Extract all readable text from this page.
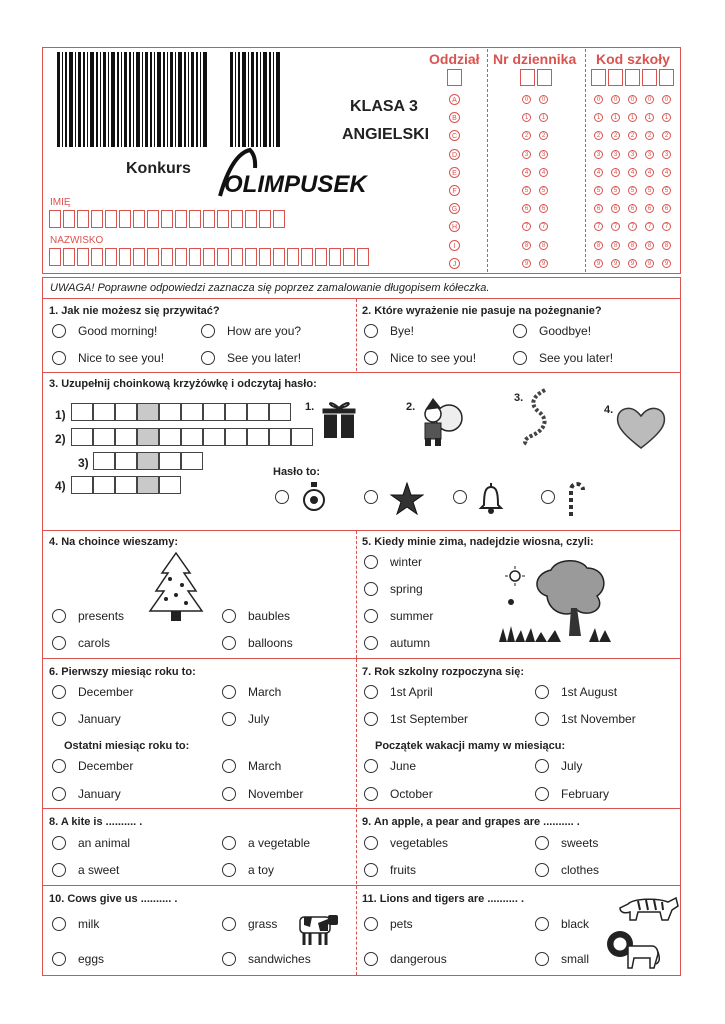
KLASA 3
ANGIELSKI
Konkurs
OLIMPUSEK
IMIĘ
NAZWISKO
Oddział Nr dziennika Kod szkoły
A	0	0	0	0	0	0	0
B	1	1	1	1	1	1	1
C	2	2	2	2	2	2	2
D	3	3	3	3	3	3	3
E	4	4	4	4	4	4	4
F	5	5	5	5	5	5	5
G	6	6	6	6	6	6	6
H	7	7	7	7	7	7	7
I	8	8	8	8	8	8	8
J	9	9	9	9	9	9	9
UWAGA! Poprawne odpowiedzi zaznacza się poprzez zamalowanie długopisem kółeczka.
1. Jak nie możesz się przywitać?
Good morning!	How are you?
Nice to see you!	See you later!
2. Które wyrażenie nie pasuje na pożegnanie?
Bye!	Goodbye!
Nice to see you!	See you later!
3. Uzupełnij choinkową krzyżówkę i odczytaj hasło:
1)
2)
3)
4)
1.	2.
3.
4.
Hasło to:
4. Na choince wieszamy:
presents	baubles
carols	balloons
5. Kiedy minie zima, nadejdzie wiosna, czyli:
winter
spring
summer
autumn
6. Pierwszy miesiąc roku to:
December	March
January	July
Ostatni miesiąc roku to:
December	March
January	November
7. Rok szkolny rozpoczyna się:
1st April	1st August
1st September	1st November
Początek wakacji mamy w miesiącu:
June	July
October	February
8. A kite is .......... .
an animal	a vegetable
a sweet	a toy
9. An apple, a pear and grapes are .......... .
vegetables	sweets
fruits	clothes
10. Cows give us .......... .
milk	grass
eggs	sandwiches
11. Lions and tigers are .......... .
pets	black
dangerous	small
